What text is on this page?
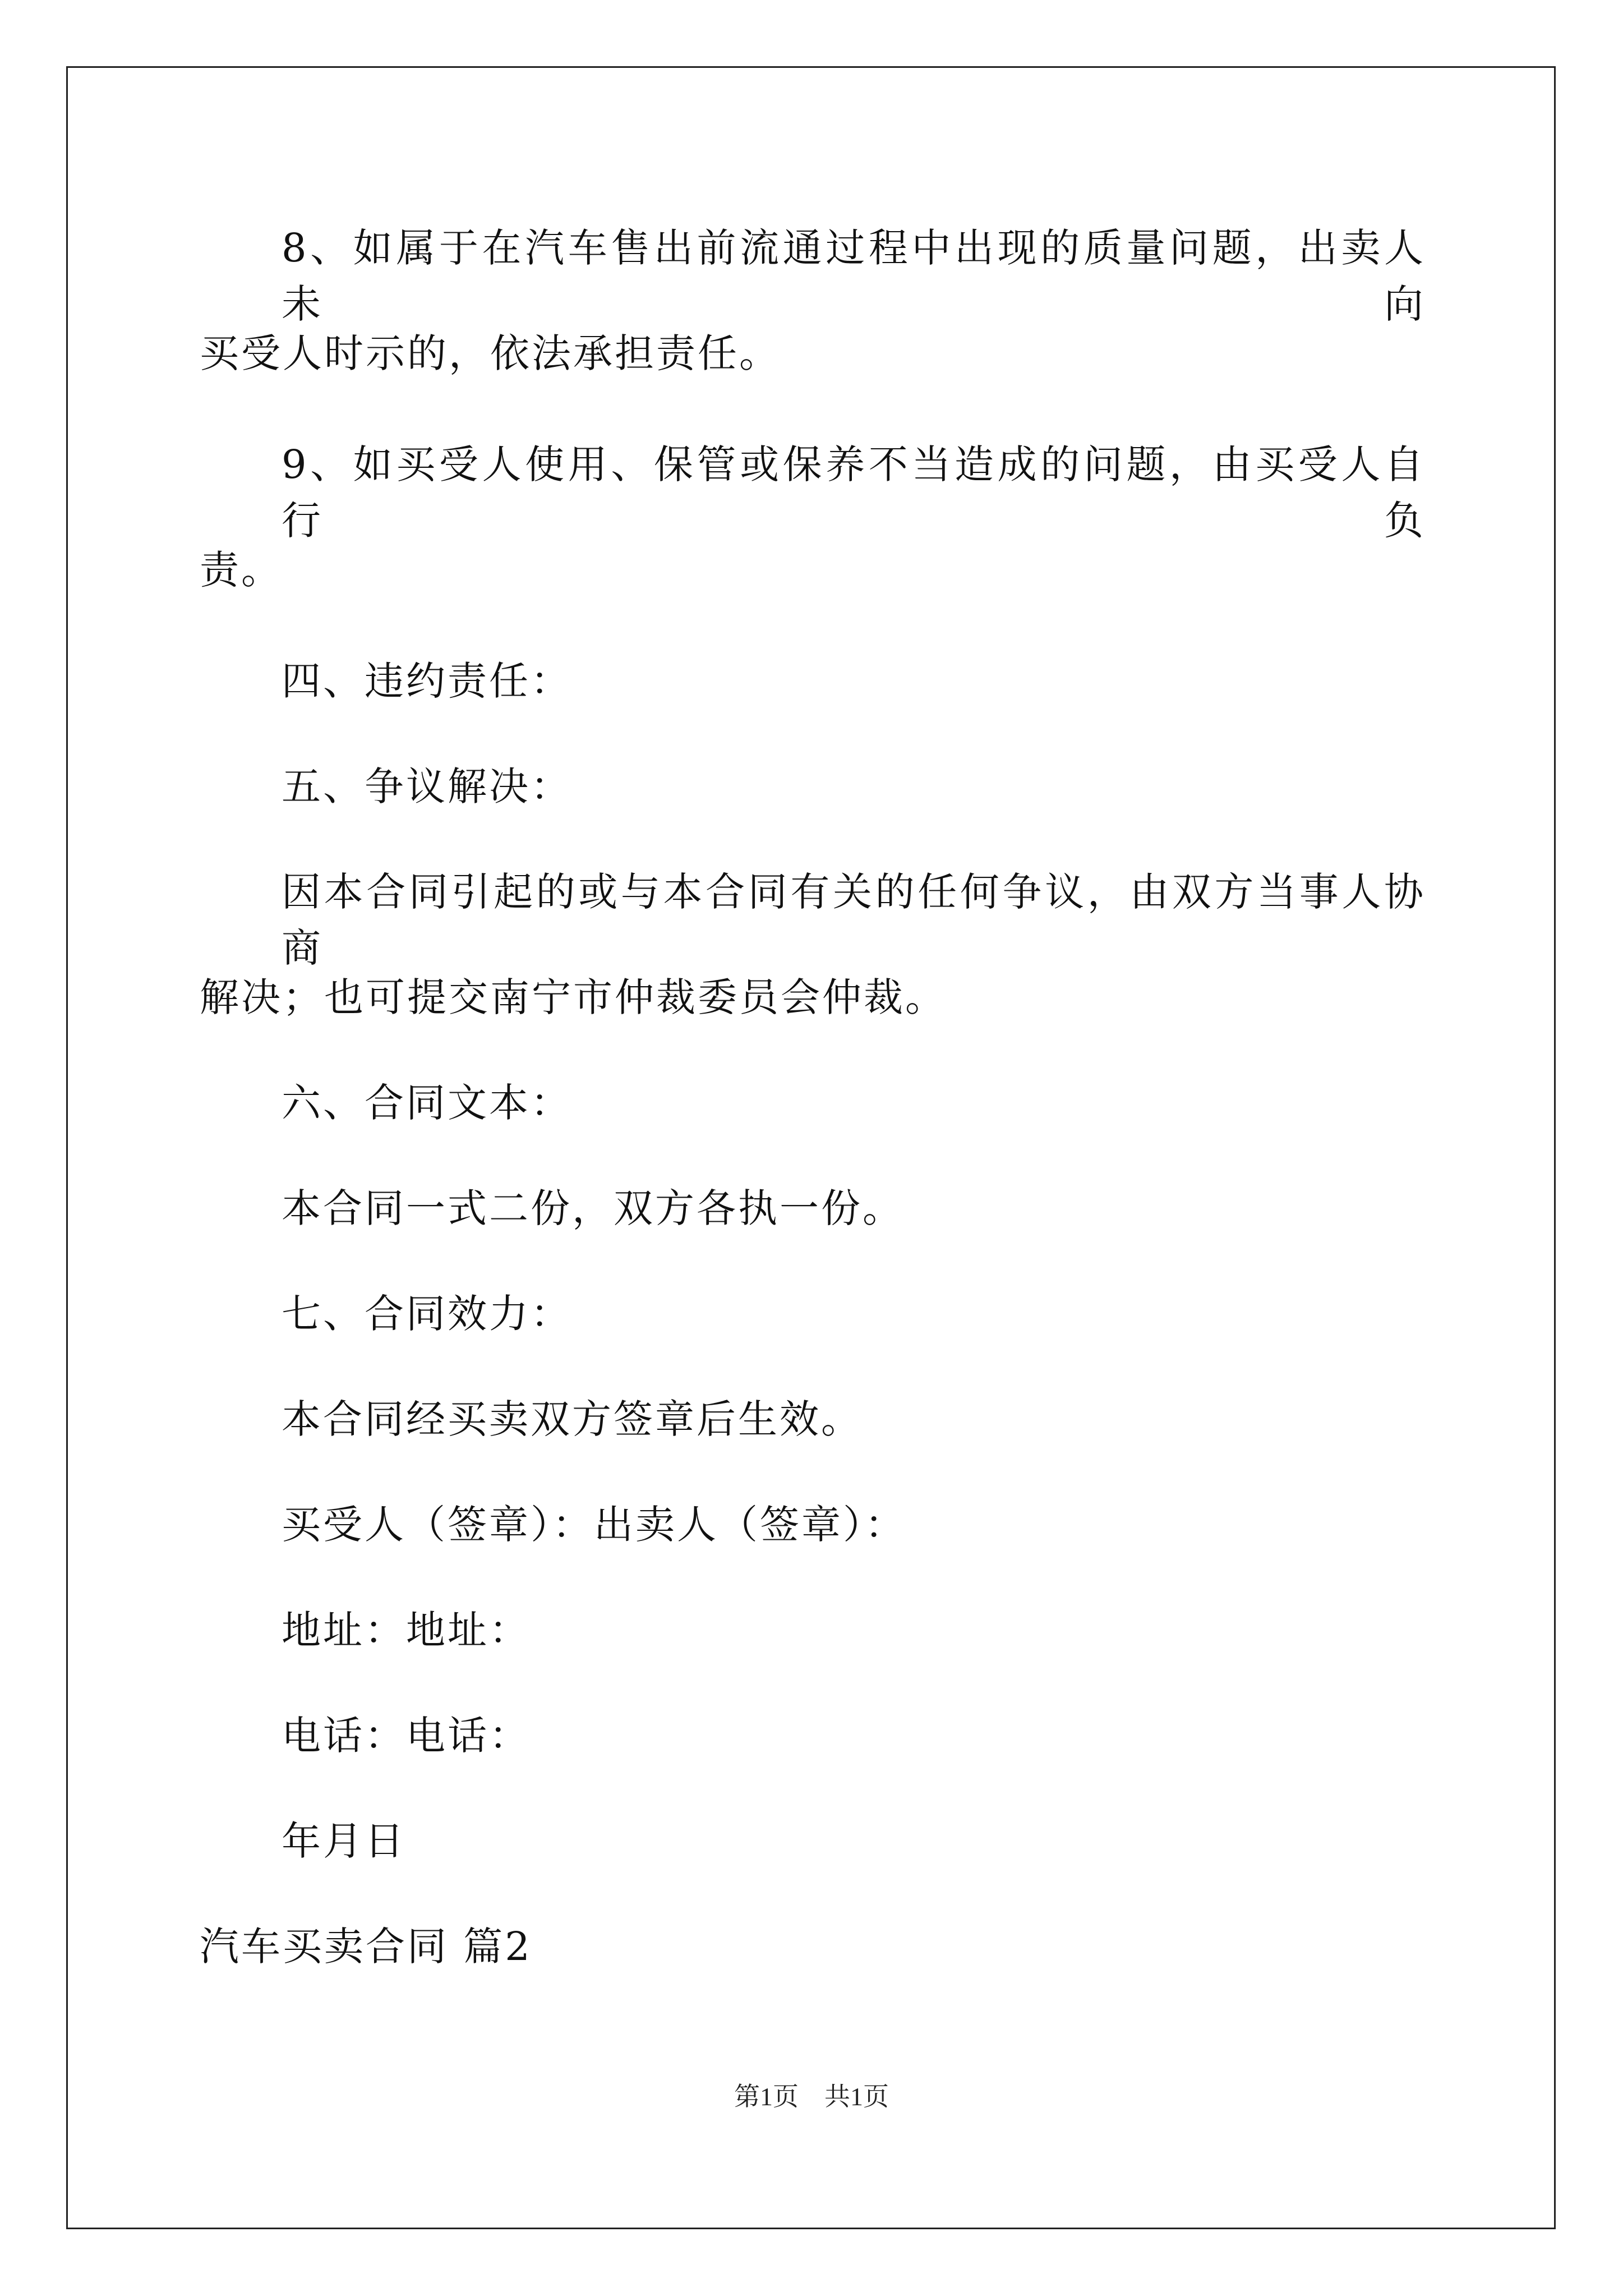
8、如属于在汽车售出前流通过程中出现的质量问题，出卖人未向
买受人时示的，依法承担责任。
9、如买受人使用、保管或保养不当造成的问题，由买受人自行负
责。
四、违约责任：
五、争议解决：
因本合同引起的或与本合同有关的任何争议，由双方当事人协商
解决；也可提交南宁市仲裁委员会仲裁。
六、合同文本：
本合同一式二份，双方各执一份。
七、合同效力：
本合同经买卖双方签章后生效。
买受人（签章）：出卖人（签章）：
地址：地址：
电话：电话：
年月日
汽车买卖合同 篇2
第1页　共1页
